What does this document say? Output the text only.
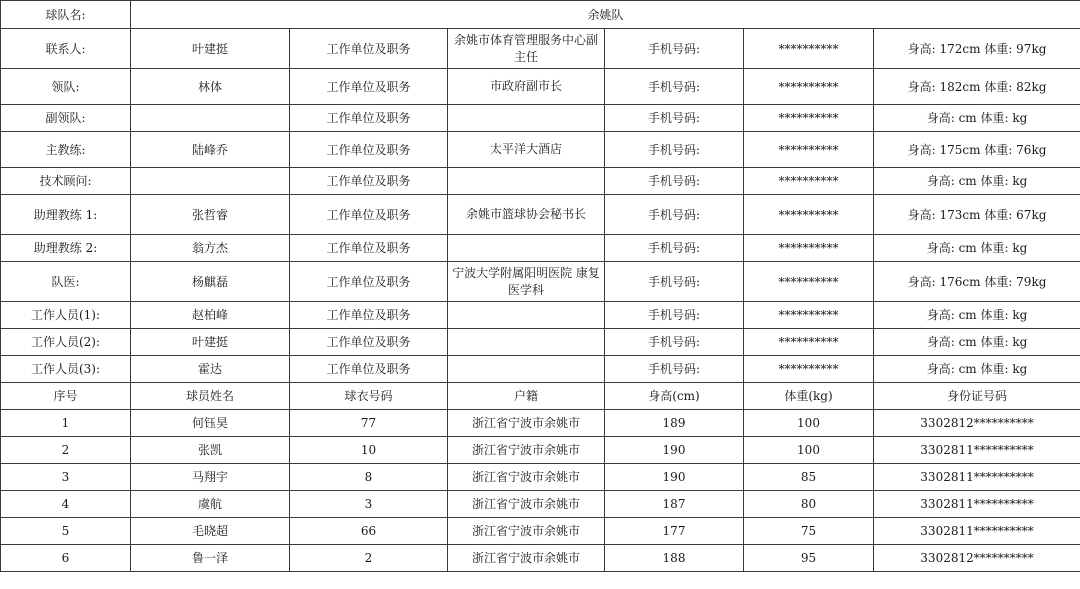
球队名:	余姚队					
联系人:	叶建挺	工作单位及职务	余姚市体育管理服务中心副主任	手机号码:	**********	身高: 172cm 体重: 97kg
领队:	林体	工作单位及职务	市政府副市长	手机号码:	**********	身高: 182cm 体重: 82kg
副领队:		工作单位及职务		手机号码:	**********	身高: cm 体重: kg
主教练:	陆峰乔	工作单位及职务	太平洋大酒店	手机号码:	**********	身高: 175cm 体重: 76kg
技术顾问:		工作单位及职务		手机号码:	**********	身高: cm 体重: kg
助理教练 1:	张哲睿	工作单位及职务	余姚市篮球协会秘书长	手机号码:	**********	身高: 173cm 体重: 67kg
助理教练 2:	翁方杰	工作单位及职务		手机号码:	**********	身高: cm 体重: kg
队医:	杨麒磊	工作单位及职务	宁波大学附属阳明医院 康复医学科	手机号码:	**********	身高: 176cm 体重: 79kg
工作人员(1):	赵柏峰	工作单位及职务		手机号码:	**********	身高: cm 体重: kg
工作人员(2):	叶建挺	工作单位及职务		手机号码:	**********	身高: cm 体重: kg
工作人员(3):	霍达	工作单位及职务		手机号码:	**********	身高: cm 体重: kg
序号	球员姓名	球衣号码	户籍	身高(cm)	体重(kg)	身份证号码
1	何钰昊	77	浙江省宁波市余姚市	189	100	3302812**********
2	张凯	10	浙江省宁波市余姚市	190	100	3302811**********
3	马翔宇	8	浙江省宁波市余姚市	190	85	3302811**********
4	虞航	3	浙江省宁波市余姚市	187	80	3302811**********
5	毛晓超	66	浙江省宁波市余姚市	177	75	3302811**********
6	鲁一泽	2	浙江省宁波市余姚市	188	95	3302812**********
